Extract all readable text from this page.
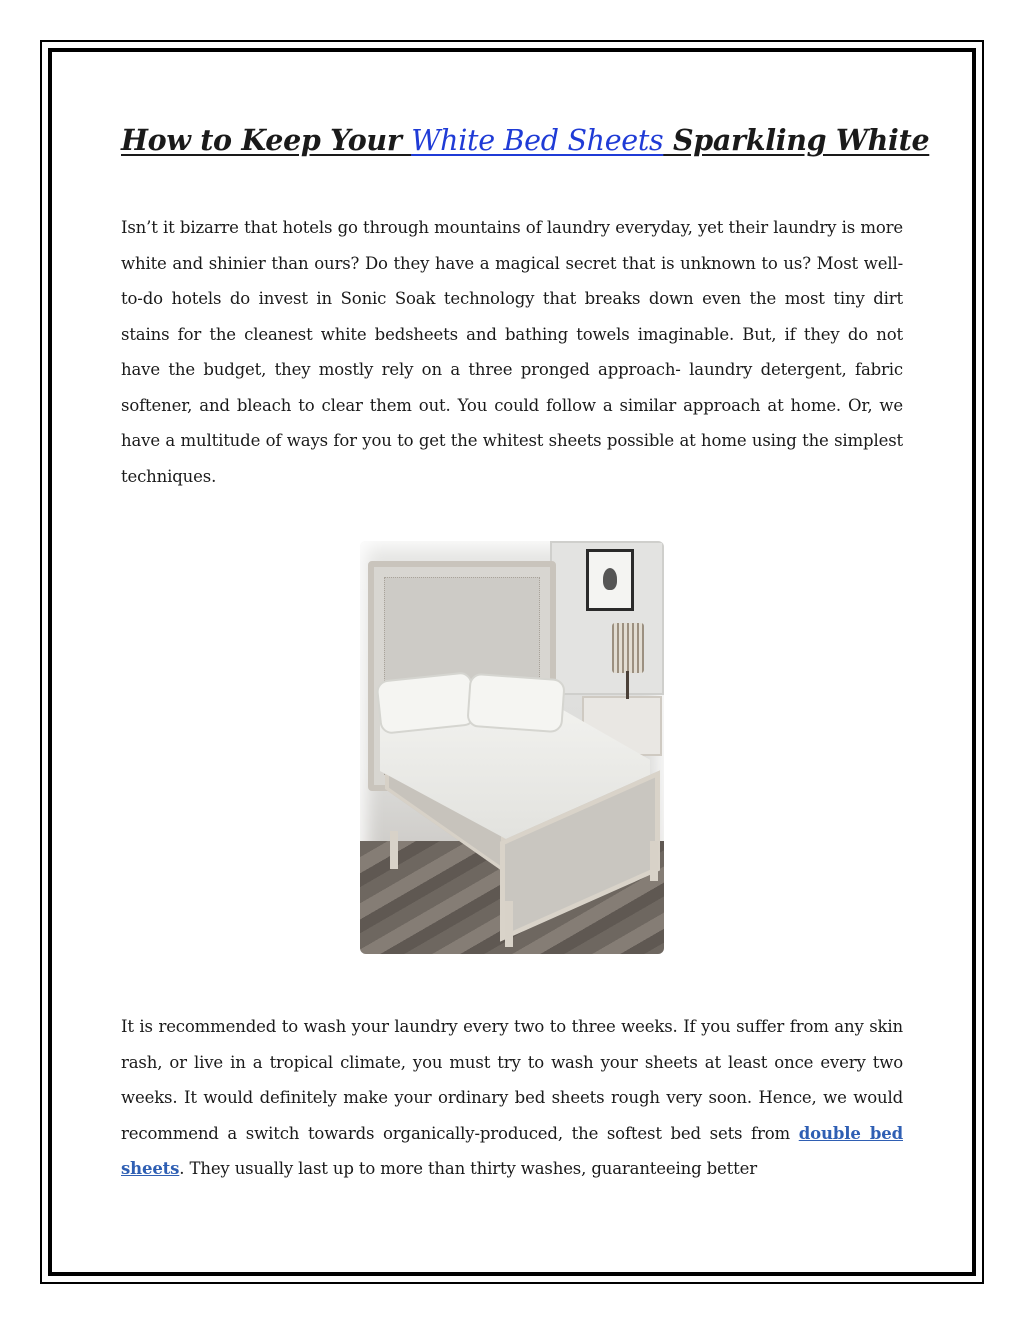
How to Keep Your White Bed Sheets Sparkling White

Isn’t it bizarre that hotels go through mountains of laundry everyday, yet their laundry is more white and shinier than ours? Do they have a magical secret that is unknown to us? Most well-to-do hotels do invest in Sonic Soak technology that breaks down even the most tiny dirt stains for the cleanest white bedsheets and bathing towels imaginable. But, if they do not have the budget, they mostly rely on a three pronged approach- laundry detergent, fabric softener, and bleach to clear them out. You could follow a similar approach at home. Or, we have a multitude of ways for you to get the whitest sheets possible at home using the simplest techniques.

It is recommended to wash your laundry every two to three weeks. If you suffer from any skin rash, or live in a tropical climate, you must try to wash your sheets at least once every two weeks. It would definitely make your ordinary bed sheets rough very soon. Hence, we would recommend a switch towards organically-produced, the softest bed sets from double bed sheets. They usually last up to more than thirty washes, guaranteeing better
